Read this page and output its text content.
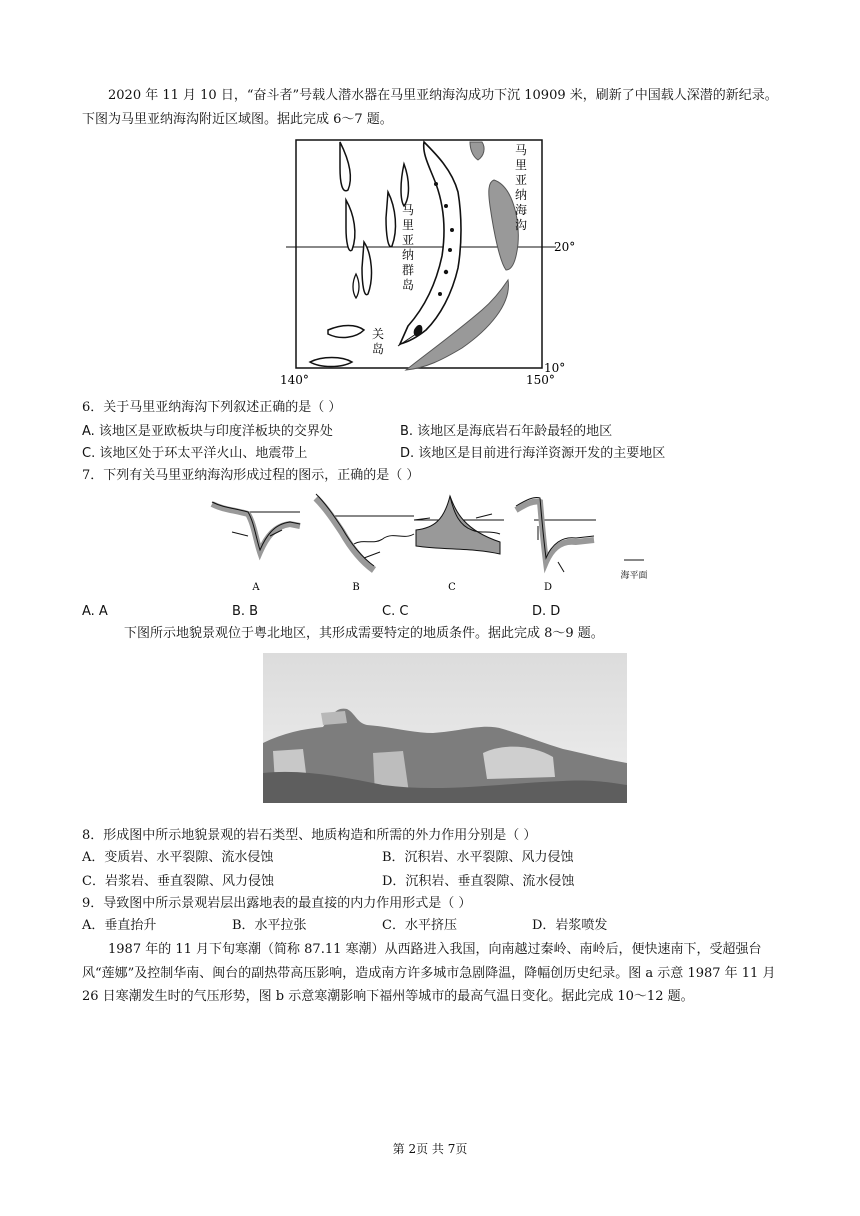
2020 年 11 月 10 日，“奋斗者”号载人潜水器在马里亚纳海沟成功下沉 10909 米，刷新了中国载人深潜的新纪录。下图为马里亚纳海沟附近区域图。据此完成 6～7 题。

马里亚纳海沟
马里亚纳群岛
关岛
20°
10°
140°	150°
6．关于马里亚纳海沟下列叙述正确的是（ ）
A. 该地区是亚欧板块与印度洋板块的交界处	B. 该地区是海底岩石年龄最轻的地区
C. 该地区处于环太平洋火山、地震带上	D. 该地区是目前进行海洋资源开发的主要地区
7．下列有关马里亚纳海沟形成过程的图示，正确的是（ ）
A	B	C	D
海平面
A. A	B. B	C. C	D. D
下图所示地貌景观位于粤北地区，其形成需要特定的地质条件。据此完成 8～9 题。
8．形成图中所示地貌景观的岩石类型、地质构造和所需的外力作用分别是（ ）
A．变质岩、水平裂隙、流水侵蚀	B．沉积岩、水平裂隙、风力侵蚀
C．岩浆岩、垂直裂隙、风力侵蚀	D．沉积岩、垂直裂隙、流水侵蚀
9．导致图中所示景观岩层出露地表的最直接的内力作用形式是（ ）
A．垂直抬升	B．水平拉张	C．水平挤压	D．岩浆喷发

1987 年的 11 月下旬寒潮（简称 87.11 寒潮）从西路进入我国，向南越过秦岭、南岭后，便快速南下，受超强台风“莲娜”及控制华南、闽台的副热带高压影响，造成南方许多城市急剧降温，降幅创历史纪录。图 a 示意 1987 年 11 月 26 日寒潮发生时的气压形势，图 b 示意寒潮影响下福州等城市的最高气温日变化。据此完成 10～12 题。

第 2页 共 7页
